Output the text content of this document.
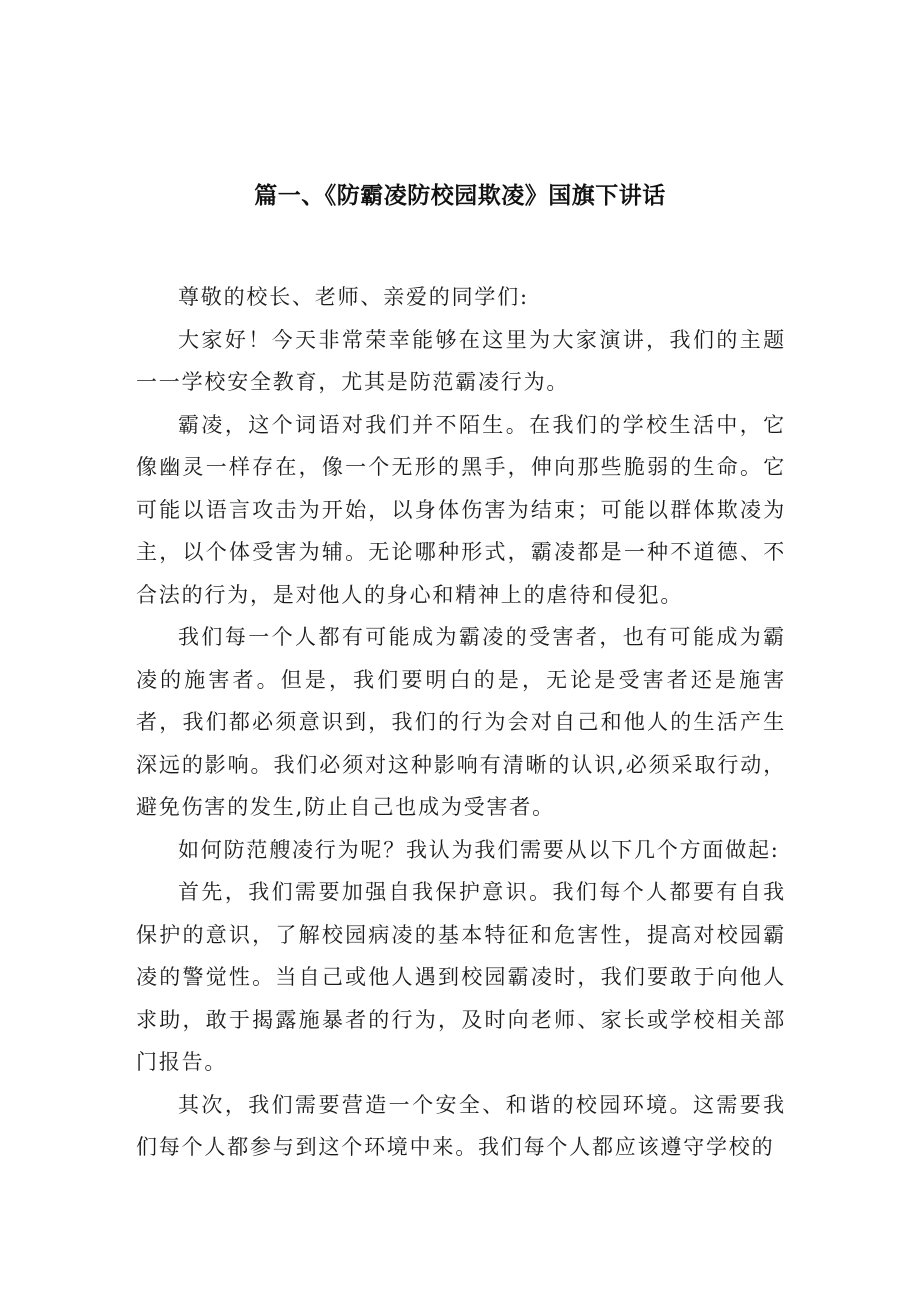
篇一、《防霸凌防校园欺凌》国旗下讲话

尊敬的校长、老师、亲爱的同学们:

大家好！今天非常荣幸能够在这里为大家演讲，我们的主题一一学校安全教育，尤其是防范霸凌行为。

霸凌，这个词语对我们并不陌生。在我们的学校生活中，它像幽灵一样存在，像一个无形的黑手，伸向那些脆弱的生命。它可能以语言攻击为开始，以身体伤害为结束；可能以群体欺凌为主，以个体受害为辅。无论哪种形式，霸凌都是一种不道德、不合法的行为，是对他人的身心和精神上的虐待和侵犯。

我们每一个人都有可能成为霸凌的受害者，也有可能成为霸凌的施害者。但是，我们要明白的是，无论是受害者还是施害者，我们都必须意识到，我们的行为会对自己和他人的生活产生深远的影响。我们必须对这种影响有清晰的认识,必须采取行动，避免伤害的发生,防止自己也成为受害者。

如何防范艘凌行为呢？我认为我们需要从以下几个方面做起:

首先，我们需要加强自我保护意识。我们每个人都要有自我保护的意识，了解校园病凌的基本特征和危害性，提高对校园霸凌的警觉性。当自己或他人遇到校园霸凌时，我们要敢于向他人求助，敢于揭露施暴者的行为，及时向老师、家长或学校相关部门报告。

其次，我们需要营造一个安全、和谐的校园环境。这需要我们每个人都参与到这个环境中来。我们每个人都应该遵守学校的
